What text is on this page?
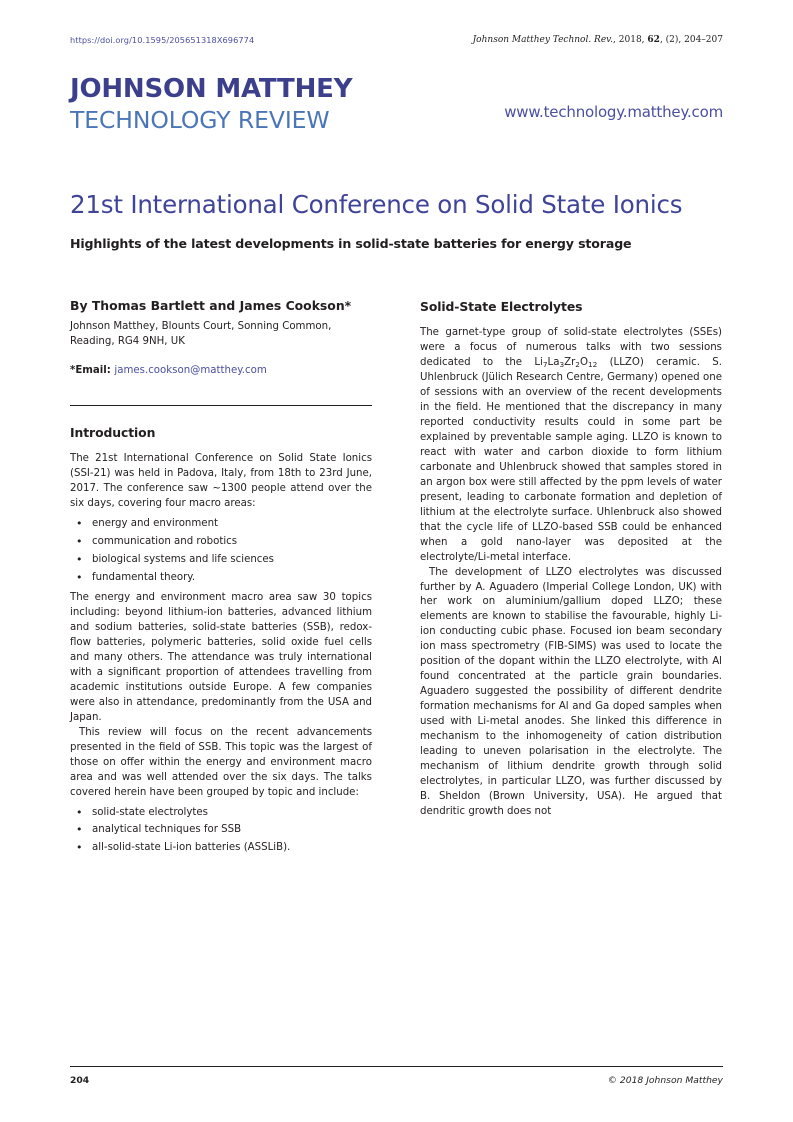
https://doi.org/10.1595/205651318X696774	Johnson Matthey Technol. Rev., 2018, 62, (2), 204–207
JOHNSON MATTHEY
TECHNOLOGY REVIEW	www.technology.matthey.com
21st International Conference on Solid State Ionics
Highlights of the latest developments in solid-state batteries for energy storage
By Thomas Bartlett and James Cookson*
Johnson Matthey, Blounts Court, Sonning Common, Reading, RG4 9NH, UK
*Email: james.cookson@matthey.com
Introduction

The 21st International Conference on Solid State Ionics (SSI-21) was held in Padova, Italy, from 18th to 23rd June, 2017. The conference saw ~1300 people attend over the six days, covering four macro areas:

• energy and environment
• communication and robotics
• biological systems and life sciences
• fundamental theory.

The energy and environment macro area saw 30 topics including: beyond lithium-ion batteries, advanced lithium and sodium batteries, solid-state batteries (SSB), redox-flow batteries, polymeric batteries, solid oxide fuel cells and many others. The attendance was truly international with a significant proportion of attendees travelling from academic institutions outside Europe. A few companies were also in attendance, predominantly from the USA and Japan.

This review will focus on the recent advancements presented in the field of SSB. This topic was the largest of those on offer within the energy and environment macro area and was well attended over the six days. The talks covered herein have been grouped by topic and include:

• solid-state electrolytes
• analytical techniques for SSB
• all-solid-state Li-ion batteries (ASSLiB).
Solid-State Electrolytes

The garnet-type group of solid-state electrolytes (SSEs) were a focus of numerous talks with two sessions dedicated to the $Li_7La_3Zr_2O_{12}$ (LLZO) ceramic. S. Uhlenbruck (Jülich Research Centre, Germany) opened one of sessions with an overview of the recent developments in the field. He mentioned that the discrepancy in many reported conductivity results could in some part be explained by preventable sample aging. LLZO is known to react with water and carbon dioxide to form lithium carbonate and Uhlenbruck showed that samples stored in an argon box were still affected by the ppm levels of water present, leading to carbonate formation and depletion of lithium at the electrolyte surface. Uhlenbruck also showed that the cycle life of LLZO-based SSB could be enhanced when a gold nano-layer was deposited at the electrolyte/Li-metal interface.

The development of LLZO electrolytes was discussed further by A. Aguadero (Imperial College London, UK) with her work on aluminium/gallium doped LLZO; these elements are known to stabilise the favourable, highly Li-ion conducting cubic phase. Focused ion beam secondary ion mass spectrometry (FIB-SIMS) was used to locate the position of the dopant within the LLZO electrolyte, with Al found concentrated at the particle grain boundaries. Aguadero suggested the possibility of different dendrite formation mechanisms for Al and Ga doped samples when used with Li-metal anodes. She linked this difference in mechanism to the inhomogeneity of cation distribution leading to uneven polarisation in the electrolyte. The mechanism of lithium dendrite growth through solid electrolytes, in particular LLZO, was further discussed by B. Sheldon (Brown University, USA). He argued that dendritic growth does not

204	© 2018 Johnson Matthey
